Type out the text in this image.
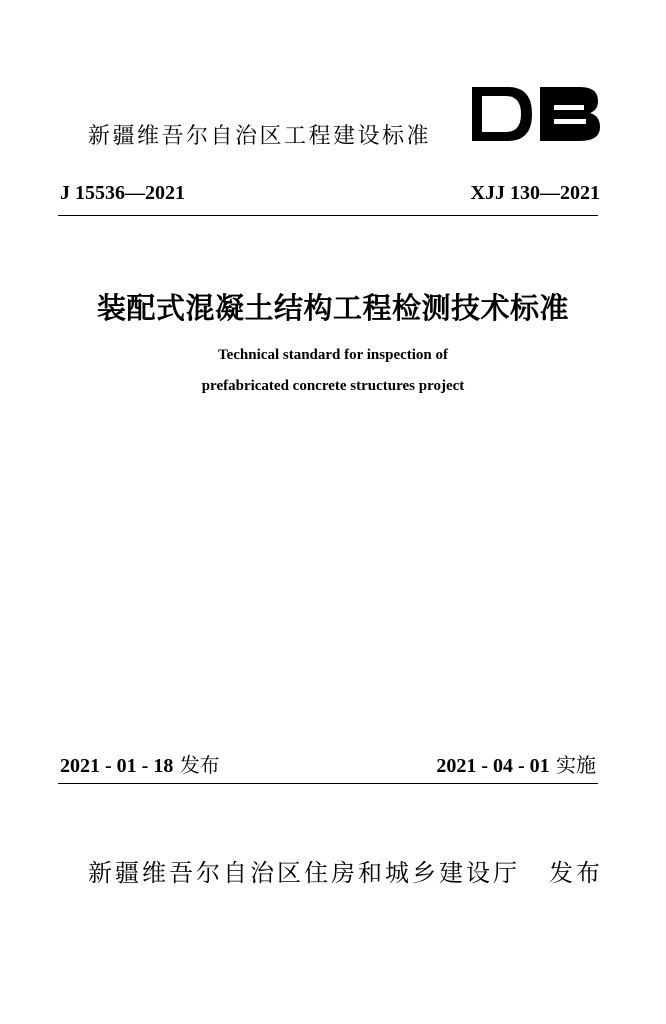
新疆维吾尔自治区工程建设标准
J 15536—2021	XJJ 130—2021
装配式混凝土结构工程检测技术标准
Technical standard for inspection of
prefabricated concrete structures project
2021 - 01 - 18 发布	2021 - 04 - 01 实施
新疆维吾尔自治区住房和城乡建设厅 发布
